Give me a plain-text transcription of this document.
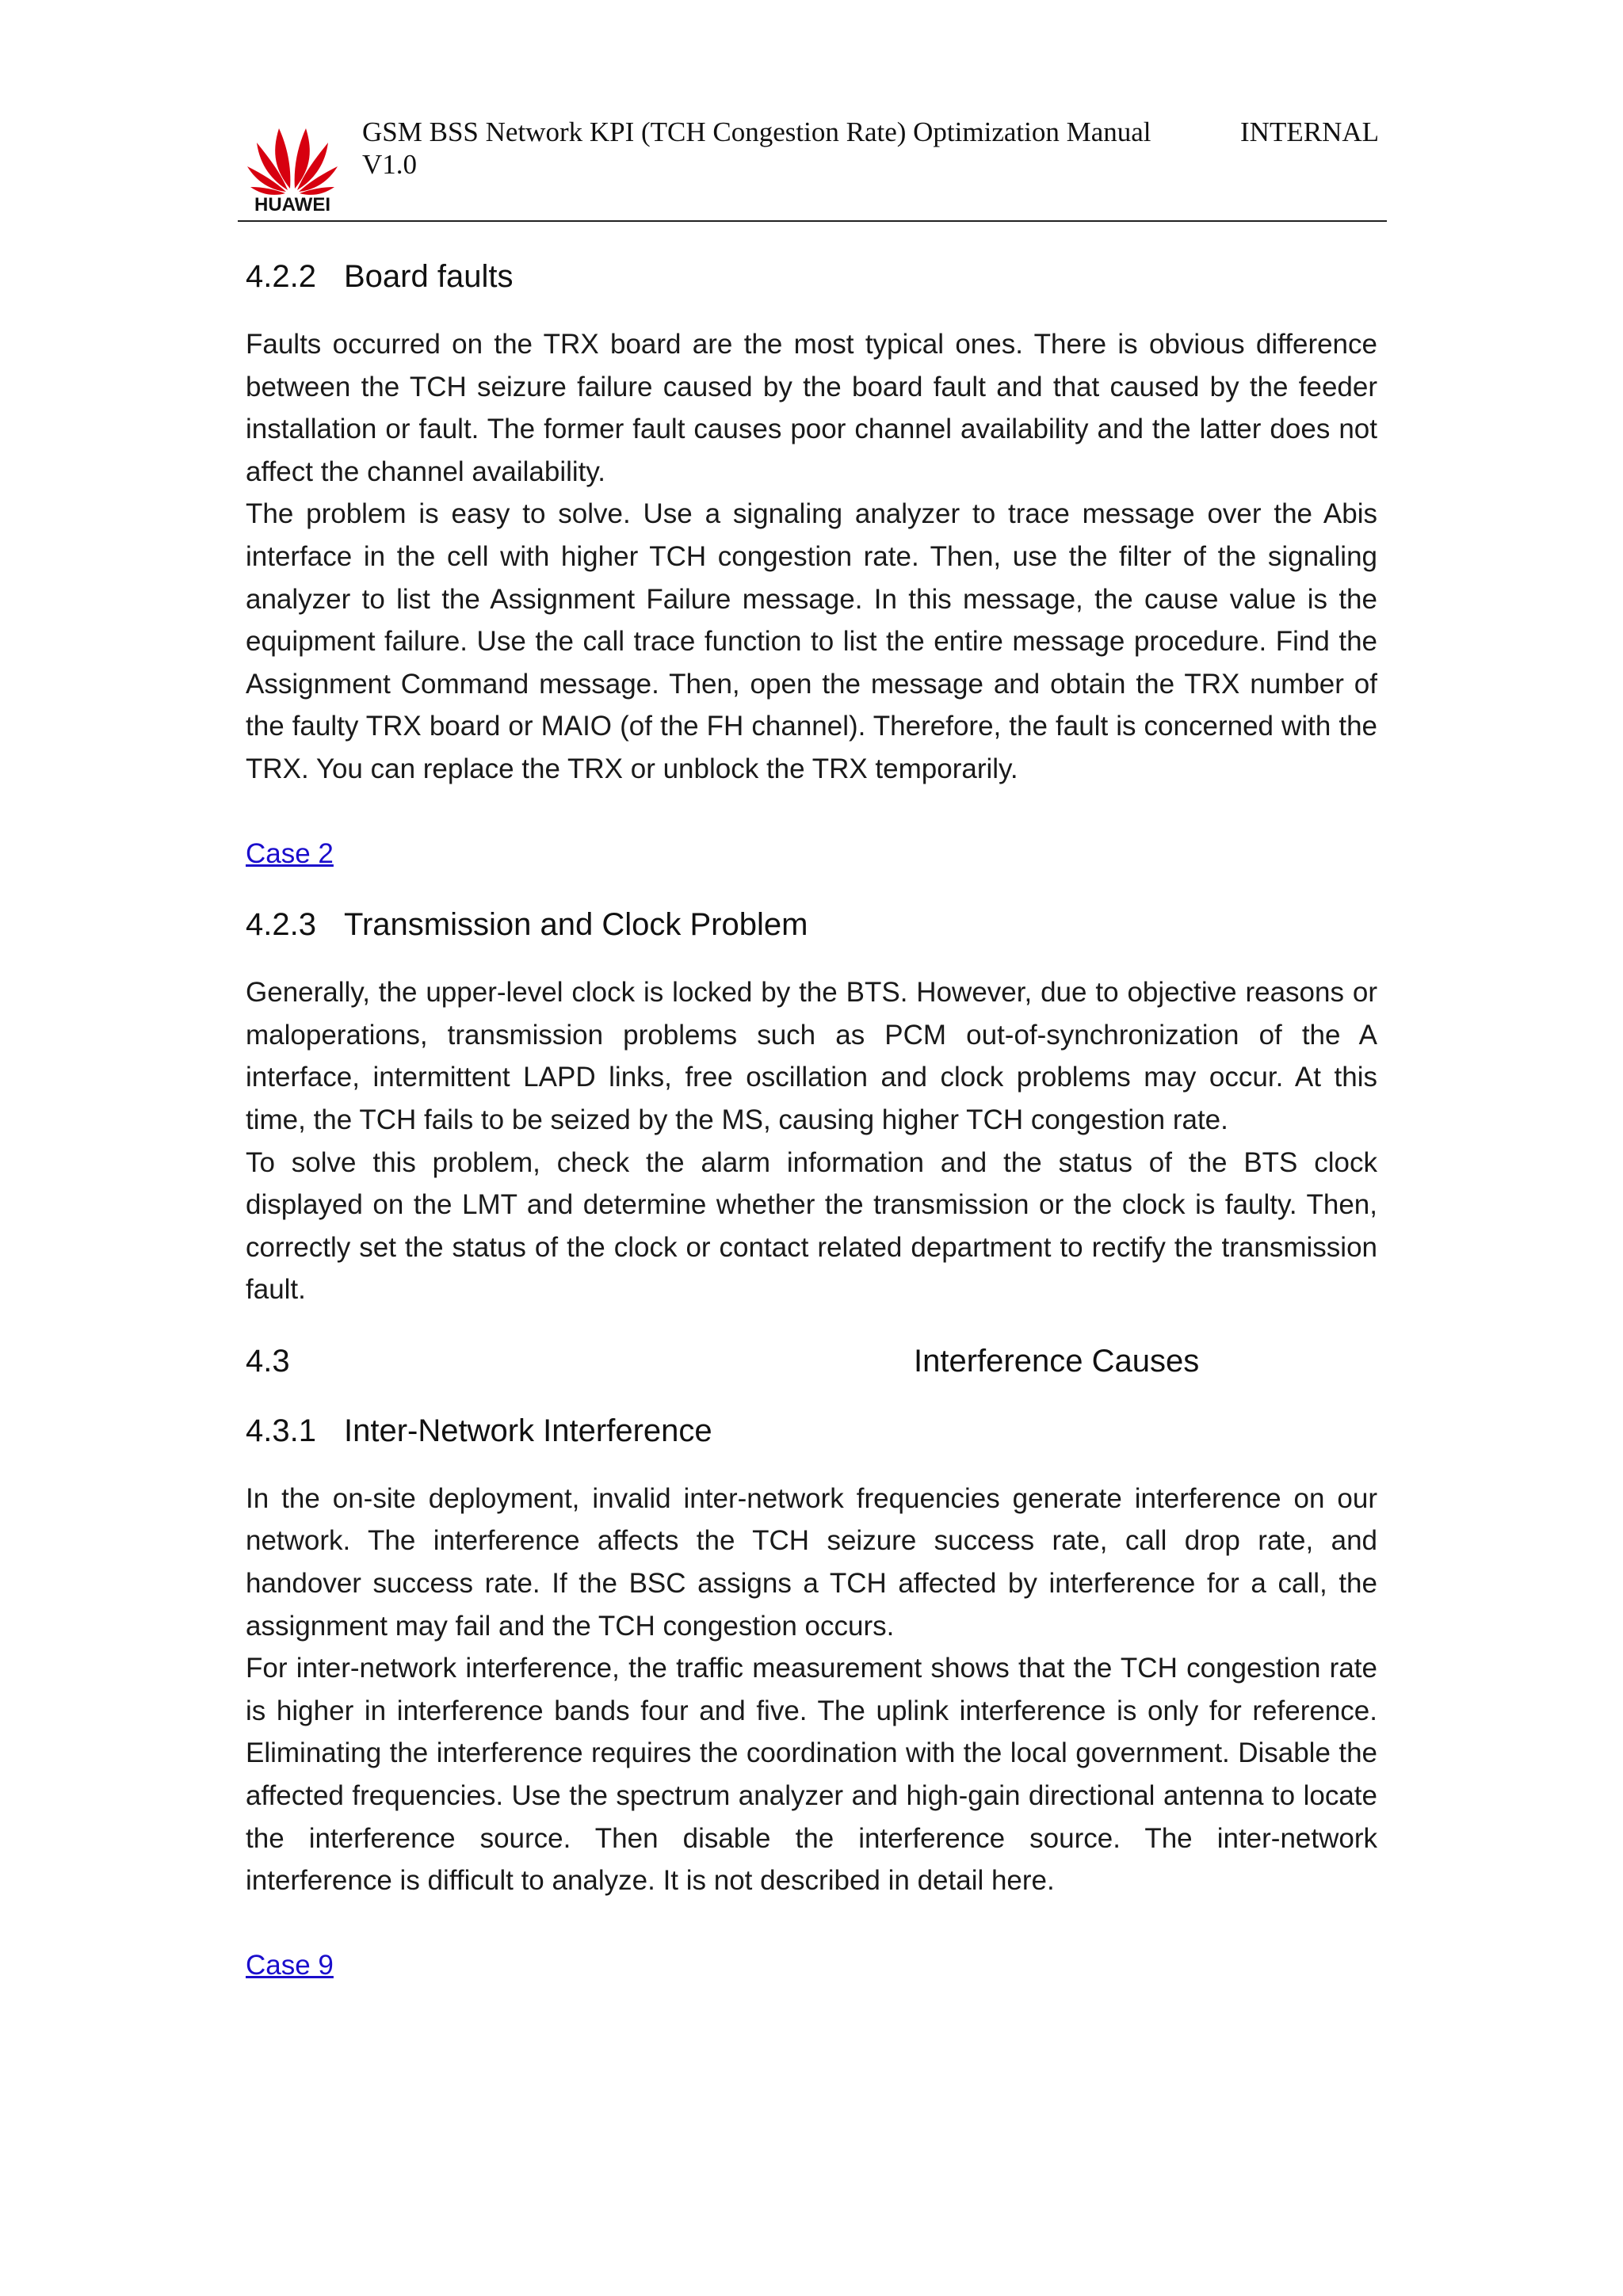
HUAWEI
GSM BSS Network KPI (TCH Congestion Rate) Optimization Manual V1.0
INTERNAL
4.2.2 Board faults

Faults occurred on the TRX board are the most typical ones. There is obvious difference between the TCH seizure failure caused by the board fault and that caused by the feeder installation or fault. The former fault causes poor channel availability and the latter does not affect the channel availability.

The problem is easy to solve. Use a signaling analyzer to trace message over the Abis interface in the cell with higher TCH congestion rate. Then, use the filter of the signaling analyzer to list the Assignment Failure message. In this message, the cause value is the equipment failure. Use the call trace function to list the entire message procedure. Find the Assignment Command message. Then, open the message and obtain the TRX number of the faulty TRX board or MAIO (of the FH channel). Therefore, the fault is concerned with the TRX. You can replace the TRX or unblock the TRX temporarily.

Case 2
4.2.3 Transmission and Clock Problem

Generally, the upper-level clock is locked by the BTS. However, due to objective reasons or maloperations, transmission problems such as PCM out-of-synchronization of the A interface, intermittent LAPD links, free oscillation and clock problems may occur. At this time, the TCH fails to be seized by the MS, causing higher TCH congestion rate.

To solve this problem, check the alarm information and the status of the BTS clock displayed on the LMT and determine whether the transmission or the clock is faulty. Then, correctly set the status of the clock or contact related department to rectify the transmission fault.

4.3	Interference Causes
4.3.1 Inter-Network Interference

In the on-site deployment, invalid inter-network frequencies generate interference on our network. The interference affects the TCH seizure success rate, call drop rate, and handover success rate. If the BSC assigns a TCH affected by interference for a call, the assignment may fail and the TCH congestion occurs.

For inter-network interference, the traffic measurement shows that the TCH congestion rate is higher in interference bands four and five. The uplink interference is only for reference. Eliminating the interference requires the coordination with the local government. Disable the affected frequencies. Use the spectrum analyzer and high-gain directional antenna to locate the interference source. Then disable the interference source. The inter-network interference is difficult to analyze. It is not described in detail here.

Case 9
